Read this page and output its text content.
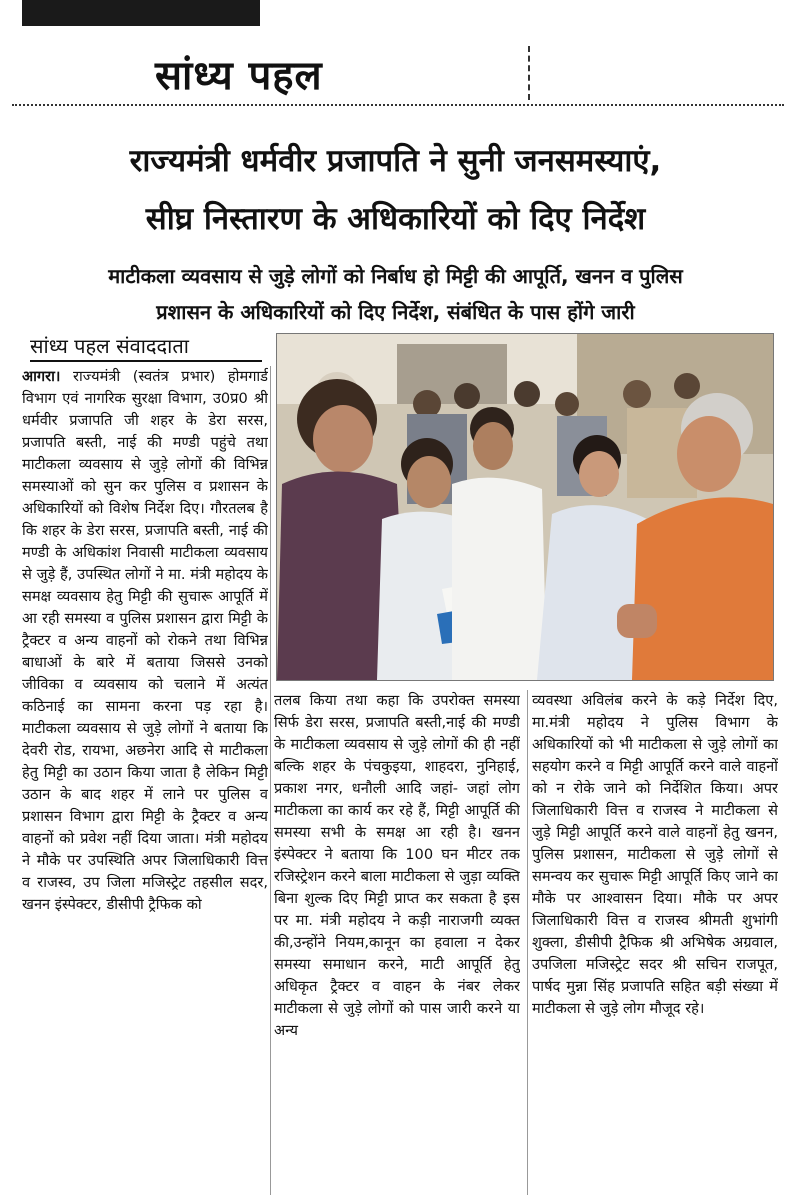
सांध्य पहल
राज्यमंत्री धर्मवीर प्रजापति ने सुनी जनसमस्याएं,
सीघ्र निस्तारण के अधिकारियों को दिए निर्देश
माटीकला व्यवसाय से जुड़े लोगों को निर्बाध हो मिट्टी की आपूर्ति, खनन व पुलिस
प्रशासन के अधिकारियों को दिए निर्देश, संबंधित के पास होंगे जारी
सांध्य पहल संवाददाता
आगरा। राज्यमंत्री (स्वतंत्र प्रभार) होमगार्ड विभाग एवं नागरिक सुरक्षा विभाग, उ0प्र0 श्री धर्मवीर प्रजापति जी शहर के डेरा सरस, प्रजापति बस्ती, नाई की मण्डी पहुंचे तथा माटीकला व्यवसाय से जुड़े लोगों की विभिन्न समस्याओं को सुन कर पुलिस व प्रशासन के अधिकारियों को विशेष निर्देश दिए। गौरतलब है कि शहर के डेरा सरस, प्रजापति बस्ती, नाई की मण्डी के अधिकांश निवासी माटीकला व्यवसाय से जुड़े हैं, उपस्थित लोगों ने मा. मंत्री महोदय के समक्ष व्यवसाय हेतु मिट्टी की सुचारू आपूर्ति में आ रही समस्या व पुलिस प्रशासन द्वारा मिट्टी के ट्रैक्टर व अन्य वाहनों को रोकने तथा विभिन्न बाधाओं के बारे में बताया जिससे उनको जीविका व व्यवसाय को चलाने में अत्यंत कठिनाई का सामना करना पड़ रहा है। माटीकला व्यवसाय से जुड़े लोगों ने बताया कि देवरी रोड, रायभा, अछनेरा आदि से माटीकला हेतु मिट्टी का उठान किया जाता है लेकिन मिट्टी उठान के बाद शहर में लाने पर पुलिस व प्रशासन विभाग द्वारा मिट्टी के ट्रैक्टर व अन्य वाहनों को प्रवेश नहीं दिया जाता। मंत्री महोदय ने मौके पर उपस्थिति अपर जिलाधिकारी वित्त व राजस्व, उप जिला मजिस्ट्रेट तहसील सदर, खनन इंस्पेक्टर, डीसीपी ट्रैफिक को
तलब किया तथा कहा कि उपरोक्त समस्या सिर्फ डेरा सरस, प्रजापति बस्ती,नाई की मण्डी के माटीकला व्यवसाय से जुड़े लोगों की ही नहीं बल्कि शहर के पंचकुइया, शाहदरा, नुनिहाई, प्रकाश नगर, धनौली आदि जहां- जहां लोग माटीकला का कार्य कर रहे हैं, मिट्टी आपूर्ति की समस्या सभी के समक्ष आ रही है। खनन इंस्पेक्टर ने बताया कि 100 घन मीटर तक रजिस्ट्रेशन करने बाला माटीकला से जुड़ा व्यक्ति बिना शुल्क दिए मिट्टी प्राप्त कर सकता है इस पर मा. मंत्री महोदय ने कड़ी नाराजगी व्यक्त की,उन्होंने नियम,कानून का हवाला न देकर समस्या समाधान करने, माटी आपूर्ति हेतु अधिकृत ट्रैक्टर व वाहन के नंबर लेकर माटीकला से जुड़े लोगों को पास जारी करने या अन्य
व्यवस्था अविलंब करने के कड़े निर्देश दिए, मा.मंत्री महोदय ने पुलिस विभाग के अधिकारियों को भी माटीकला से जुड़े लोगों का सहयोग करने व मिट्टी आपूर्ति करने वाले वाहनों को न रोके जाने को निर्देशित किया। अपर जिलाधिकारी वित्त व राजस्व ने माटीकला से जुड़े मिट्टी आपूर्ति करने वाले वाहनों हेतु खनन, पुलिस प्रशासन, माटीकला से जुड़े लोगों से समन्वय कर सुचारू मिट्टी आपूर्ति किए जाने का मौके पर आश्वासन दिया। मौके पर अपर जिलाधिकारी वित्त व राजस्व श्रीमती शुभांगी शुक्ला, डीसीपी ट्रैफिक श्री अभिषेक अग्रवाल, उपजिला मजिस्ट्रेट सदर श्री सचिन राजपूत, पार्षद मुन्ना सिंह प्रजापति सहित बड़ी संख्या में माटीकला से जुड़े लोग मौजूद रहे।
